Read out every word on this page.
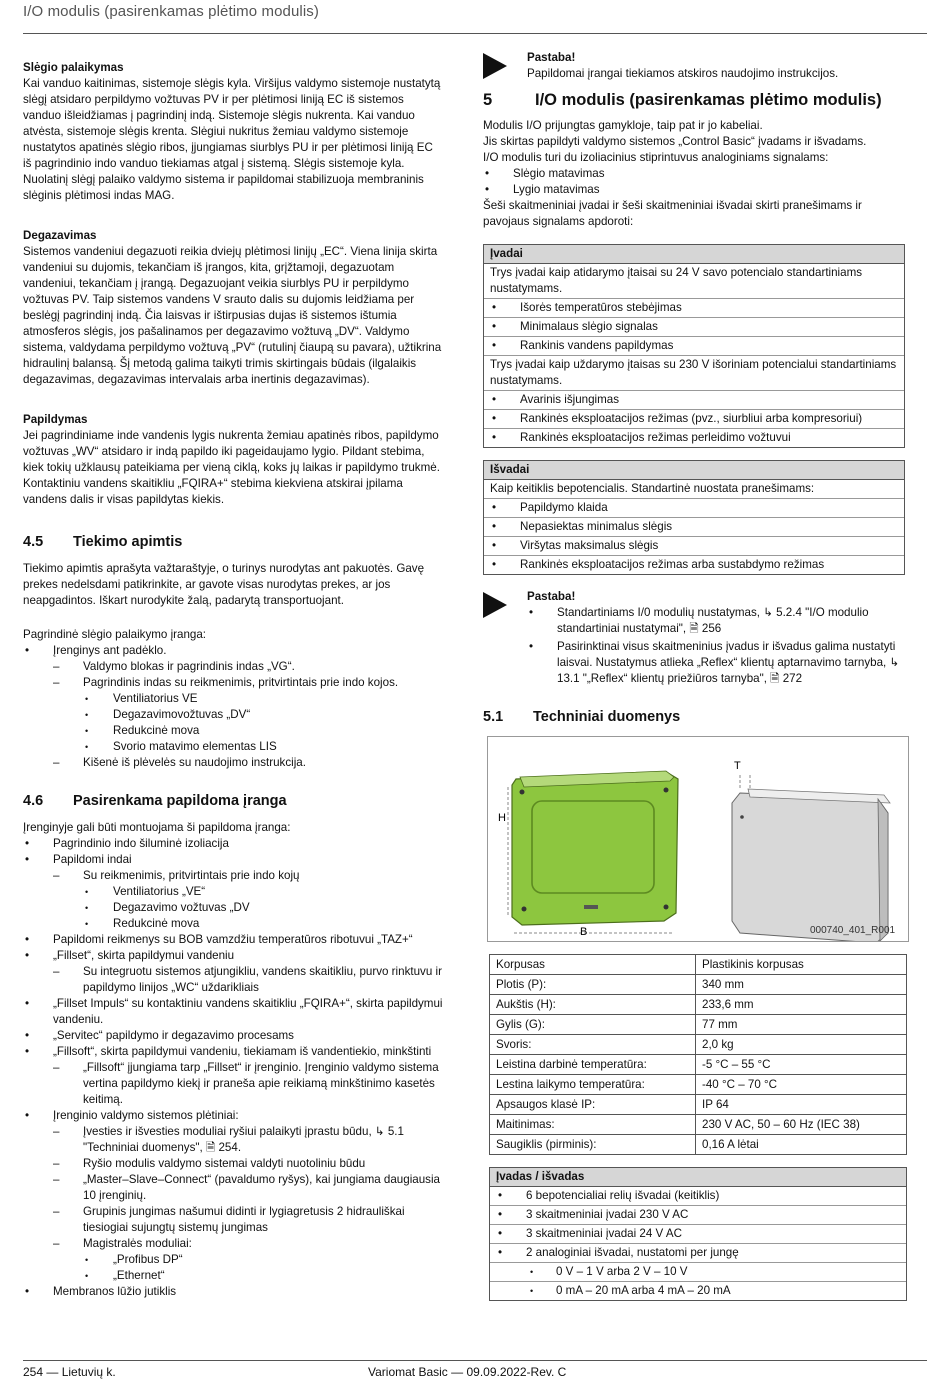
I/O modulis (pasirenkamas plėtimo modulis)

Slėgio palaikymas

Kai vanduo kaitinimas, sistemoje slėgis kyla. Viršijus valdymo sistemoje nustatytą slėgį atsidaro perpildymo vožtuvas PV ir per plėtimosi liniją EC iš sistemos vanduo išleidžiamas į pagrindinį indą. Sistemoje slėgis nukrenta. Kai vanduo atvėsta, sistemoje slėgis krenta. Slėgiui nukritus žemiau valdymo sistemoje nustatytos apatinės slėgio ribos, įjungiamas siurblys PU ir per plėtimosi liniją EC iš pagrindinio indo vanduo tiekiamas atgal į sistemą. Slėgis sistemoje kyla. Nuolatinį slėgį palaiko valdymo sistema ir papildomai stabilizuoja membraninis slėginis plėtimosi indas MAG.

Degazavimas

Sistemos vandeniui degazuoti reikia dviejų plėtimosi linijų „EC“. Viena linija skirta vandeniui su dujomis, tekančiam iš įrangos, kita, grįžtamoji, degazuotam vandeniui, tekančiam į įrangą. Degazuojant veikia siurblys PU ir perpildymo vožtuvas PV. Taip sistemos vandens V srauto dalis su dujomis leidžiama per beslėgį pagrindinį indą. Čia laisvas ir ištirpusias dujas iš sistemos ištumia atmosferos slėgis, jos pašalinamos per degazavimo vožtuvą „DV“. Valdymo sistema, valdydama perpildymo vožtuvą „PV“ (rutulinį čiaupą su pavara), užtikrina hidraulinį balansą. Šį metodą galima taikyti trimis skirtingais būdais (ilgalaikis degazavimas, degazavimas intervalais arba inertinis degazavimas).

Papildymas

Jei pagrindiniame inde vandenis lygis nukrenta žemiau apatinės ribos, papildymo vožtuvas „WV“ atsidaro ir indą papildo iki pageidaujamo lygio. Pildant stebima, kiek tokių užklausų pateikiama per vieną ciklą, koks jų laikas ir papildymo trukmė. Kontaktiniu vandens skaitikliu „FQIRA+“ stebima kiekviena atskirai įpilama vandens dalis ir visas papildytas kiekis.

4.5	Tiekimo apimtis

Tiekimo apimtis aprašyta važtaraštyje, o turinys nurodytas ant pakuotės. Gavę prekes nedelsdami patikrinkite, ar gavote visas nurodytas prekes, ar jos neapgadintos. Iškart nurodykite žalą, padarytą transportuojant.

Pagrindinė slėgio palaikymo įranga:

• Įrenginys ant padėklo.
– Valdymo blokas ir pagrindinis indas „VG“.
– Pagrindinis indas su reikmenimis, pritvirtintais prie indo kojos.
• Ventiliatorius VE
• Degazavimovožtuvas „DV“
• Redukcinė mova
• Svorio matavimo elementas LIS
– Kišenė iš plėvelės su naudojimo instrukcija.
4.6	Pasirenkama papildoma įranga

Įrenginyje gali būti montuojama ši papildoma įranga:

• Pagrindinio indo šiluminė izoliacija
• Papildomi indai
– Su reikmenimis, pritvirtintais prie indo kojų
• Ventiliatorius „VE“
• Degazavimo vožtuvas „DV
• Redukcinė mova
• Papildomi reikmenys su BOB vamzdžiu temperatūros ribotuvui „TAZ+“
• „Fillset“, skirta papildymui vandeniu
– Su integruotu sistemos atjungikliu, vandens skaitikliu, purvo rinktuvu ir papildymo linijos „WC“ uždarikliais
• „Fillset Impuls“ su kontaktiniu vandens skaitikliu „FQIRA+“, skirta papildymui vandeniu.
• „Servitec“ papildymo ir degazavimo procesams
• „Fillsoft“, skirta papildymui vandeniu, tiekiamam iš vandentiekio, minkštinti
– „Fillsoft“ įjungiama tarp „Fillset“ ir įrenginio. Įrenginio valdymo sistema vertina papildymo kiekį ir praneša apie reikiamą minkštinimo kasetės keitimą.
• Įrenginio valdymo sistemos plėtiniai:
– Įvesties ir išvesties moduliai ryšiui palaikyti įprastu būdu, ↳ 5.1 "Techniniai duomenys", 🗎 254.
– Ryšio modulis valdymo sistemai valdyti nuotoliniu būdu
– „Master–Slave–Connect“ (pavaldumo ryšys), kai jungiama daugiausia 10 įrenginių.
– Grupinis jungimas našumui didinti ir lygiagretusis 2 hidrauliškai tiesiogiai sujungtų sistemų jungimas
– Magistralės moduliai:
• „Profibus DP“
• „Ethernet“
• Membranos lūžio jutiklis

Pastaba!

Papildomai įrangai tiekiamos atskiros naudojimo instrukcijos.

5	I/O modulis (pasirenkamas plėtimo modulis)

Modulis I/O prijungtas gamykloje, taip pat ir jo kabeliai.

Jis skirtas papildyti valdymo sistemos „Control Basic“ įvadams ir išvadams.

I/O modulis turi du izoliacinius stiprintuvus analoginiams signalams:

• Slėgio matavimas
• Lygio matavimas

Šeši skaitmeniniai įvadai ir šeši skaitmeniniai išvadai skirti pranešimams ir pavojaus signalams apdoroti:

Įvadai
Trys įvadai kaip atidarymo įtaisai su 24 V savo potencialo standartiniams nustatymams.
• Išorės temperatūros stebėjimas
• Minimalaus slėgio signalas
• Rankinis vandens papildymas
Trys įvadai kaip uždarymo įtaisas su 230 V išoriniam potencialui standartiniams nustatymams.
• Avarinis išjungimas
• Rankinės eksploatacijos režimas (pvz., siurbliui arba kompresoriui)
• Rankinės eksploatacijos režimas perleidimo vožtuvui
Išvadai
Kaip keitiklis bepotencialis. Standartinė nuostata pranešimams:
• Papildymo klaida
• Nepasiektas minimalus slėgis
• Viršytas maksimalus slėgis
• Rankinės eksploatacijos režimas arba sustabdymo režimas

Pastaba!

• Standartiniams I/0 modulių nustatymas, ↳ 5.2.4 "I/O modulio standartiniai nustatymai", 🗎 256
• Pasirinktinai visus skaitmeninius įvadus ir išvadus galima nustatyti laisvai. Nustatymus atlieka „Reflex“ klientų aptarnavimo tarnyba, ↳ 13.1 "„Reflex“ klientų priežiūros tarnyba", 🗎 272
5.1	Techniniai duomenys
H
B
T
000740_401_R001
Korpusas	Plastikinis korpusas
Plotis (P):	340 mm
Aukštis (H):	233,6 mm
Gylis (G):	77 mm
Svoris:	2,0 kg
Leistina darbinė temperatūra:	-5 °C – 55 °C
Lestina laikymo temperatūra:	-40 °C – 70 °C
Apsaugos klasė IP:	IP 64
Maitinimas:	230 V AC, 50 – 60 Hz (IEC 38)
Saugiklis (pirminis):	0,16 A lėtai
Įvadas / išvadas
• 6 bepotencialiai relių išvadai (keitiklis)
• 3 skaitmeniniai įvadai 230 V AC
• 3 skaitmeniniai įvadai 24 V AC
• 2 analoginiai išvadai, nustatomi per jungę
• 0 V – 1 V arba 2 V – 10 V
• 0 mA – 20 mA arba 4 mA – 20 mA
254 — Lietuvių k.	Variomat Basic — 09.09.2022-Rev. C
